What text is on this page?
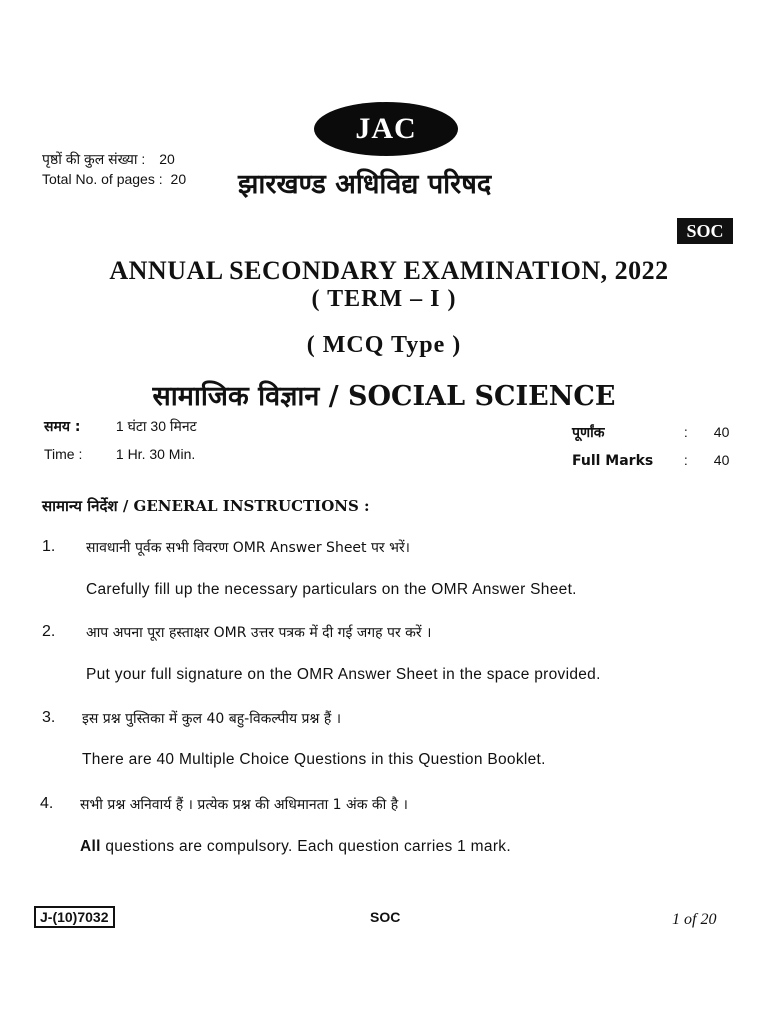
JAC
पृष्ठों की कुल संख्या : 20
Total No. of pages : 20 झारखण्ड अधिविद्य परिषद
SOC
ANNUAL SECONDARY EXAMINATION, 2022
( TERM – I )
( MCQ Type )
सामाजिक विज्ञान / SOCIAL SCIENCE
समय :	1 घंटा 30 मिनट
Time : 1 Hr. 30 Min.
पूर्णांक	: 40
Full Marks : 40
सामान्य निर्देश / GENERAL INSTRUCTIONS :
1. सावधानी पूर्वक सभी विवरण OMR Answer Sheet पर भरें।
Carefully fill up the necessary particulars on the OMR Answer Sheet.
2. आप अपना पूरा हस्ताक्षर OMR उत्तर पत्रक में दी गई जगह पर करें ।
Put your full signature on the OMR Answer Sheet in the space provided.
3. इस प्रश्न पुस्तिका में कुल 40 बहु-विकल्पीय प्रश्न हैं ।
There are 40 Multiple Choice Questions in this Question Booklet.
4. सभी प्रश्न अनिवार्य हैं । प्रत्येक प्रश्न की अधिमानता 1 अंक की है ।
All questions are compulsory. Each question carries 1 mark.
J-(10)7032	SOC	1 of 20
